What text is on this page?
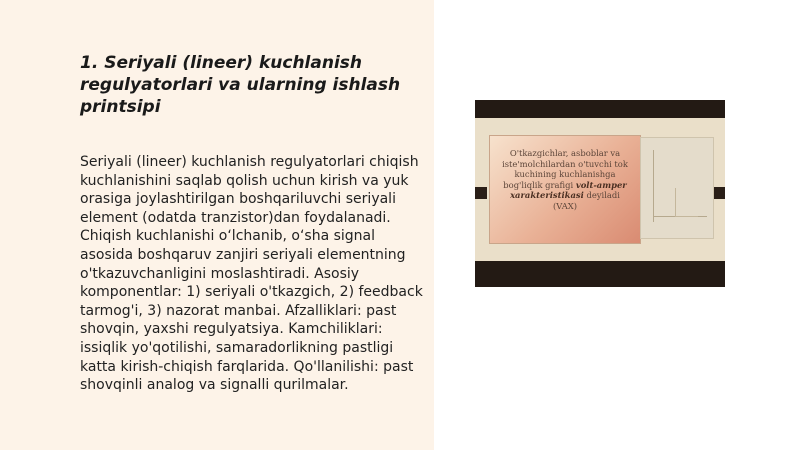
1. Seriyali (lineer) kuchlanish regulyatorlari va ularning ishlash printsipi

Seriyali (lineer) kuchlanish regulyatorlari chiqish kuchlanishini saqlab qolish uchun kirish va yuk orasiga joylashtirilgan boshqariluvchi seriyali element (odatda tranzistor)dan foydalanadi. Chiqish kuchlanishi o‘lchanib, o‘sha signal asosida boshqaruv zanjiri seriyali elementning o'tkazuvchanligini moslashtiradi. Asosiy komponentlar: 1) seriyali o'tkazgich, 2) feedback tarmog'i, 3) nazorat manbai. Afzalliklari: past shovqin, yaxshi regulyatsiya. Kamchiliklari: issiqlik yo'qotilishi, samaradorlikning pastligi katta kirish-chiqish farqlarida. Qo'llanilishi: past shovqinli analog va signalli qurilmalar.

O'tkazgichlar, asboblar va iste'molchilardan o'tuvchi tok kuchining kuchlanishga bog'liqlik grafigi volt-amper xarakteristikasi deyiladi (VAX)
